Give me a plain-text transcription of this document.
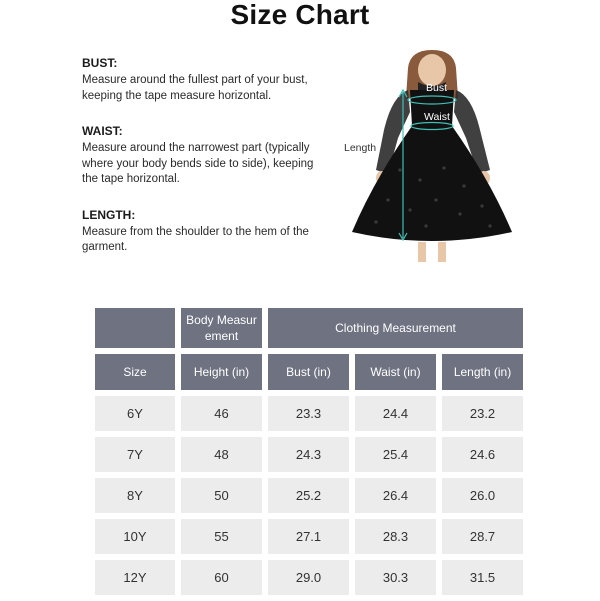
Size Chart
BUST:

Measure around the fullest part of your bust, keeping the tape measure horizontal.

WAIST:

Measure around the narrowest part (typically where your body bends side to side), keeping the tape horizontal.

LENGTH:

Measure from the shoulder to the hem of the garment.

Bust
Waist
Length
	Body Measurement	Clothing Measurement		
Size	Height (in)	Bust (in)	Waist (in)	Length (in)
6Y	46	23.3	24.4	23.2
7Y	48	24.3	25.4	24.6
8Y	50	25.2	26.4	26.0
10Y	55	27.1	28.3	28.7
12Y	60	29.0	30.3	31.5
